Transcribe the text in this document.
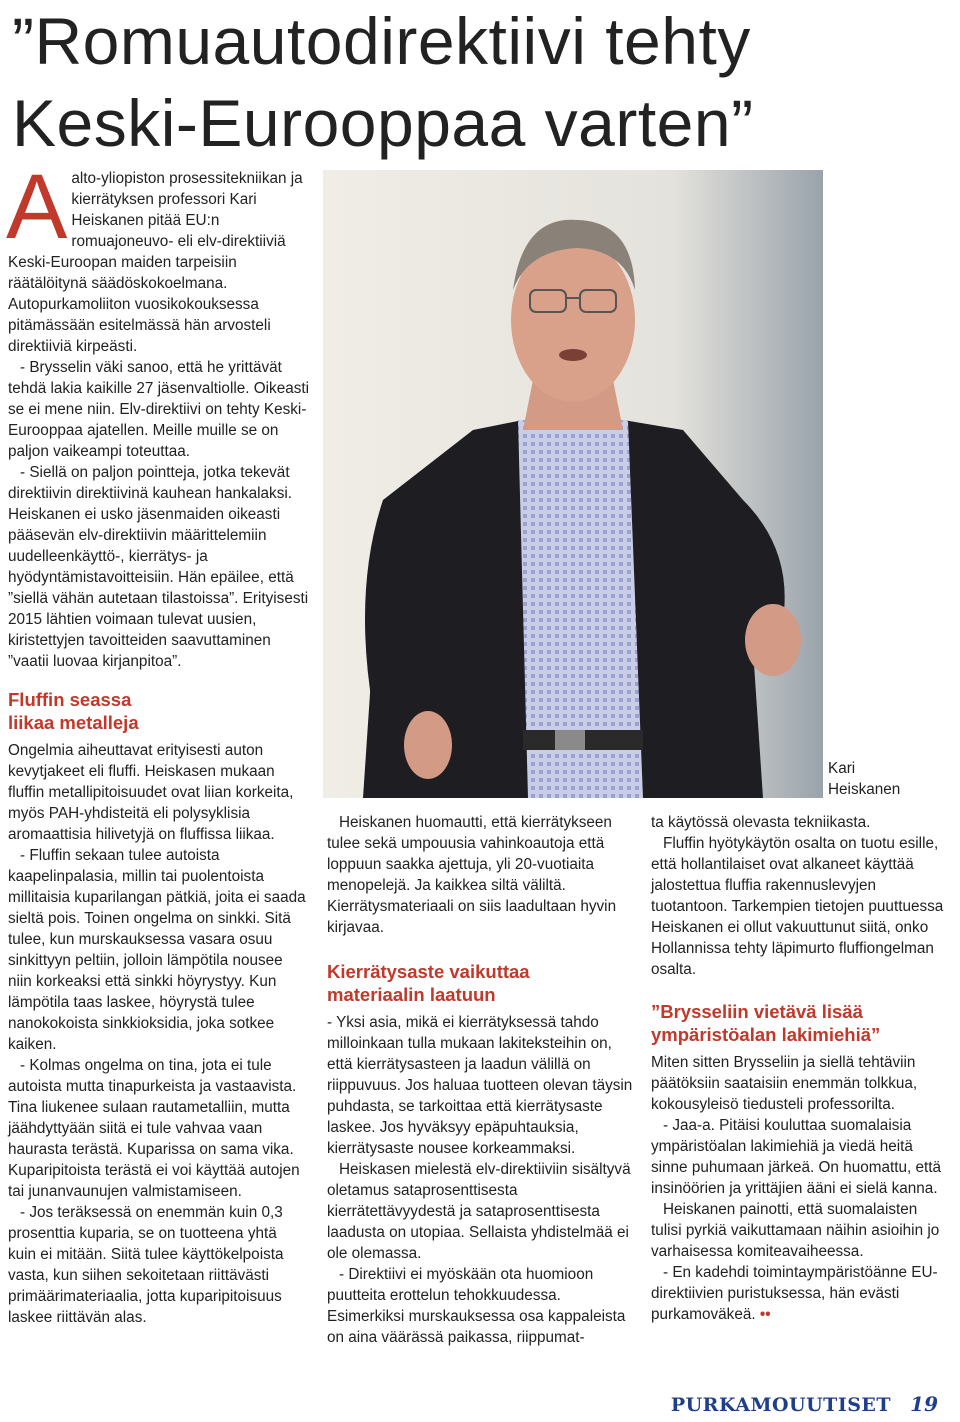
”Romuautodirektiivi tehty
Keski-Eurooppaa varten”
A alto-yliopiston prosessitekniikan ja kierrätyksen professori Kari Heiskanen pitää EU:n romuajoneuvo- eli elv-direktiiviä Keski-Euroopan maiden tarpeisiin räätälöitynä säädöskokoelmana. Autopurkamoliiton vuosikokouksessa pitämässään esitelmässä hän arvosteli direktiiviä kirpeästi.

- Brysselin väki sanoo, että he yrittävät tehdä lakia kaikille 27 jäsenvaltiolle. Oikeasti se ei mene niin. Elv-direktiivi on tehty Keski-Eurooppaa ajatellen. Meille muille se on paljon vaikeampi toteuttaa.

- Siellä on paljon pointteja, jotka tekevät direktiivin direktiivinä kauhean hankalaksi.

Heiskanen ei usko jäsenmaiden oikeasti pääsevän elv-direktiivin määrittelemiin uudelleenkäyttö-, kierrätys- ja hyödyntämistavoitteisiin. Hän epäilee, että ”siellä vähän autetaan tilastoissa”. Erityisesti 2015 lähtien voimaan tulevat uusien, kiristettyjen tavoitteiden saavuttaminen ”vaatii luovaa kirjanpitoa”.

Fluffin seassa
liikaa metalleja

Ongelmia aiheuttavat erityisesti auton kevytjakeet eli fluffi. Heiskasen mukaan fluffin metallipitoisuudet ovat liian korkeita, myös PAH-yhdisteitä eli polysyklisia aromaattisia hilivetyjä on fluffissa liikaa.

- Fluffin sekaan tulee autoista kaapelinpalasia, millin tai puolentoista millitaisia kuparilangan pätkiä, joita ei saada sieltä pois. Toinen ongelma on sinkki. Sitä tulee, kun murskauksessa vasara osuu sinkittyyn peltiin, jolloin lämpötila nousee niin korkeaksi että sinkki höyrystyy. Kun lämpötila taas laskee, höyrystä tulee nanokokoista sinkkioksidia, joka sotkee kaiken.

- Kolmas ongelma on tina, jota ei tule autoista mutta tinapurkeista ja vastaavista. Tina liukenee sulaan rautametalliin, mutta jäähdyttyään siitä ei tule vahvaa vaan haurasta terästä. Kuparissa on sama vika. Kuparipitoista terästä ei voi käyttää autojen tai junanvaunujen valmistamiseen.

- Jos teräksessä on enemmän kuin 0,3 prosenttia kuparia, se on tuotteena yhtä kuin ei mitään. Siitä tulee käyttökelpoista vasta, kun siihen sekoitetaan riittävästi primäärimateriaalia, jotta kuparipitoisuus laskee riittävän alas.

Kari
Heiskanen

Heiskanen huomautti, että kierrätykseen tulee sekä umpouusia vahinkoautoja että loppuun saakka ajettuja, yli 20-vuotiaita menopelejä. Ja kaikkea siltä väliltä. Kierrätysmateriaali on siis laadultaan hyvin kirjavaa.

Kierrätysaste vaikuttaa
materiaalin laatuun

- Yksi asia, mikä ei kierrätyksessä tahdo milloinkaan tulla mukaan lakiteksteihin on, että kierrätysasteen ja laadun välillä on riippuvuus. Jos haluaa tuotteen olevan täysin puhdasta, se tarkoittaa että kierrätysaste laskee. Jos hyväksyy epäpuhtauksia, kierrätysaste nousee korkeammaksi.

Heiskasen mielestä elv-direktiiviin sisältyvä oletamus sataprosenttisesta kierrätettävyydestä ja sataprosenttisesta laadusta on utopiaa. Sellaista yhdistelmää ei ole olemassa.

- Direktiivi ei myöskään ota huomioon puutteita erottelun tehokkuudessa. Esimerkiksi murskauksessa osa kappaleista on aina väärässä paikassa, riippumat-

ta käytössä olevasta tekniikasta.

Fluffin hyötykäytön osalta on tuotu esille, että hollantilaiset ovat alkaneet käyttää jalostettua fluffia rakennuslevyjen tuotantoon. Tarkempien tietojen puuttuessa Heiskanen ei ollut vakuuttunut siitä, onko Hollannissa tehty läpimurto fluffiongelman osalta.

”Brysseliin vietävä lisää
ympäristöalan lakimiehiä”

Miten sitten Brysseliin ja siellä tehtäviin päätöksiin saataisiin enemmän tolkkua, kokousyleisö tiedusteli professorilta.

- Jaa-a. Pitäisi kouluttaa suomalaisia ympäristöalan lakimiehiä ja viedä heitä sinne puhumaan järkeä. On huomattu, että insinöörien ja yrittäjien ääni ei sielä kanna.

Heiskanen painotti, että suomalaisten tulisi pyrkiä vaikuttamaan näihin asioihin jo varhaisessa komiteavaiheessa.

- En kadehdi toimintaympäristöänne EU-direktiivien puristuksessa, hän evästi purkamoväkeä. ••

PURKAMOUUTISET 19
